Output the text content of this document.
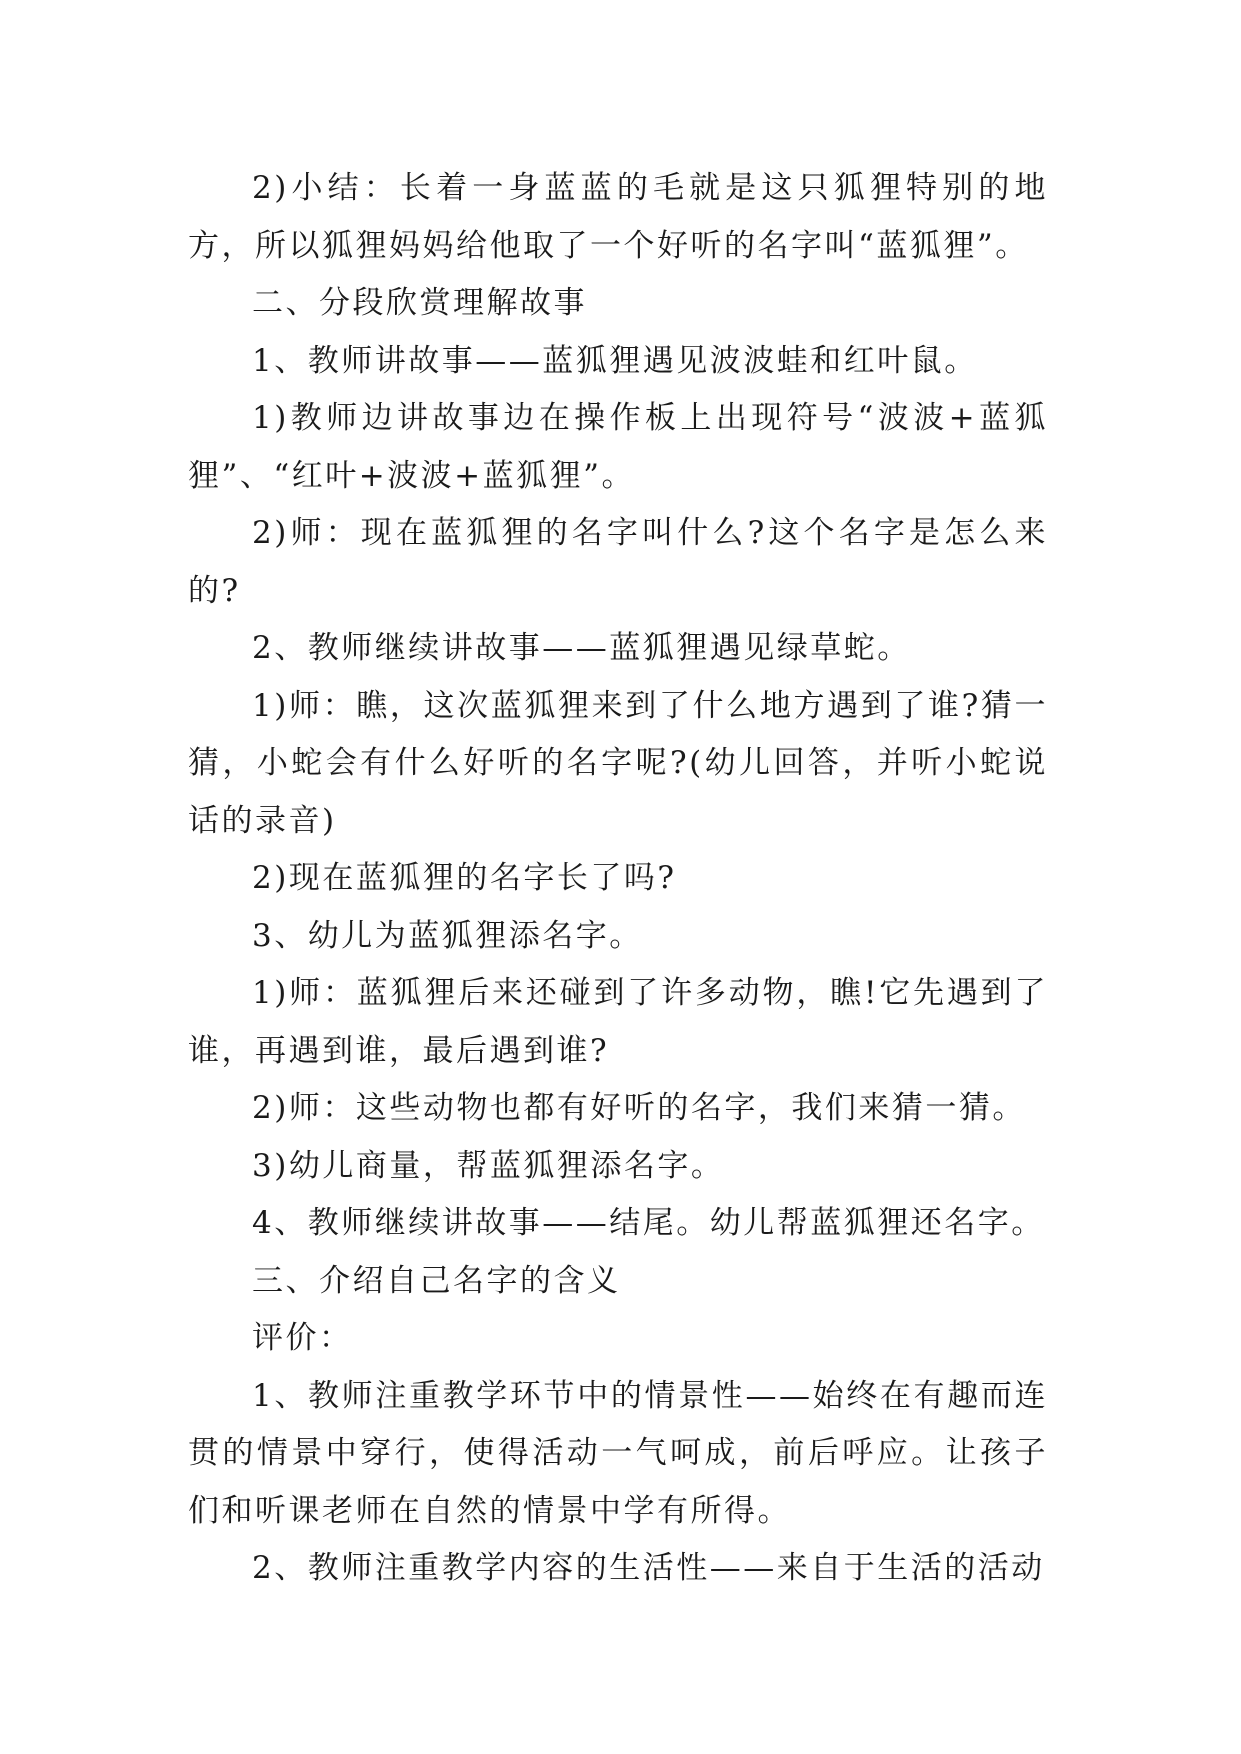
2)小结：长着一身蓝蓝的毛就是这只狐狸特别的地方，所以狐狸妈妈给他取了一个好听的名字叫“蓝狐狸”。

二、分段欣赏理解故事

1、教师讲故事——蓝狐狸遇见波波蛙和红叶鼠。

1)教师边讲故事边在操作板上出现符号“波波+蓝狐狸”、“红叶+波波+蓝狐狸”。

2)师：现在蓝狐狸的名字叫什么?这个名字是怎么来的?

2、教师继续讲故事——蓝狐狸遇见绿草蛇。

1)师：瞧，这次蓝狐狸来到了什么地方遇到了谁?猜一猜，小蛇会有什么好听的名字呢?(幼儿回答，并听小蛇说话的录音)

2)现在蓝狐狸的名字长了吗?

3、幼儿为蓝狐狸添名字。

1)师：蓝狐狸后来还碰到了许多动物，瞧!它先遇到了谁，再遇到谁，最后遇到谁?

2)师：这些动物也都有好听的名字，我们来猜一猜。

3)幼儿商量，帮蓝狐狸添名字。

4、教师继续讲故事——结尾。幼儿帮蓝狐狸还名字。

三、介绍自己名字的含义

评价：

1、教师注重教学环节中的情景性——始终在有趣而连贯的情景中穿行，使得活动一气呵成，前后呼应。让孩子们和听课老师在自然的情景中学有所得。

2、教师注重教学内容的生活性——来自于生活的活动
